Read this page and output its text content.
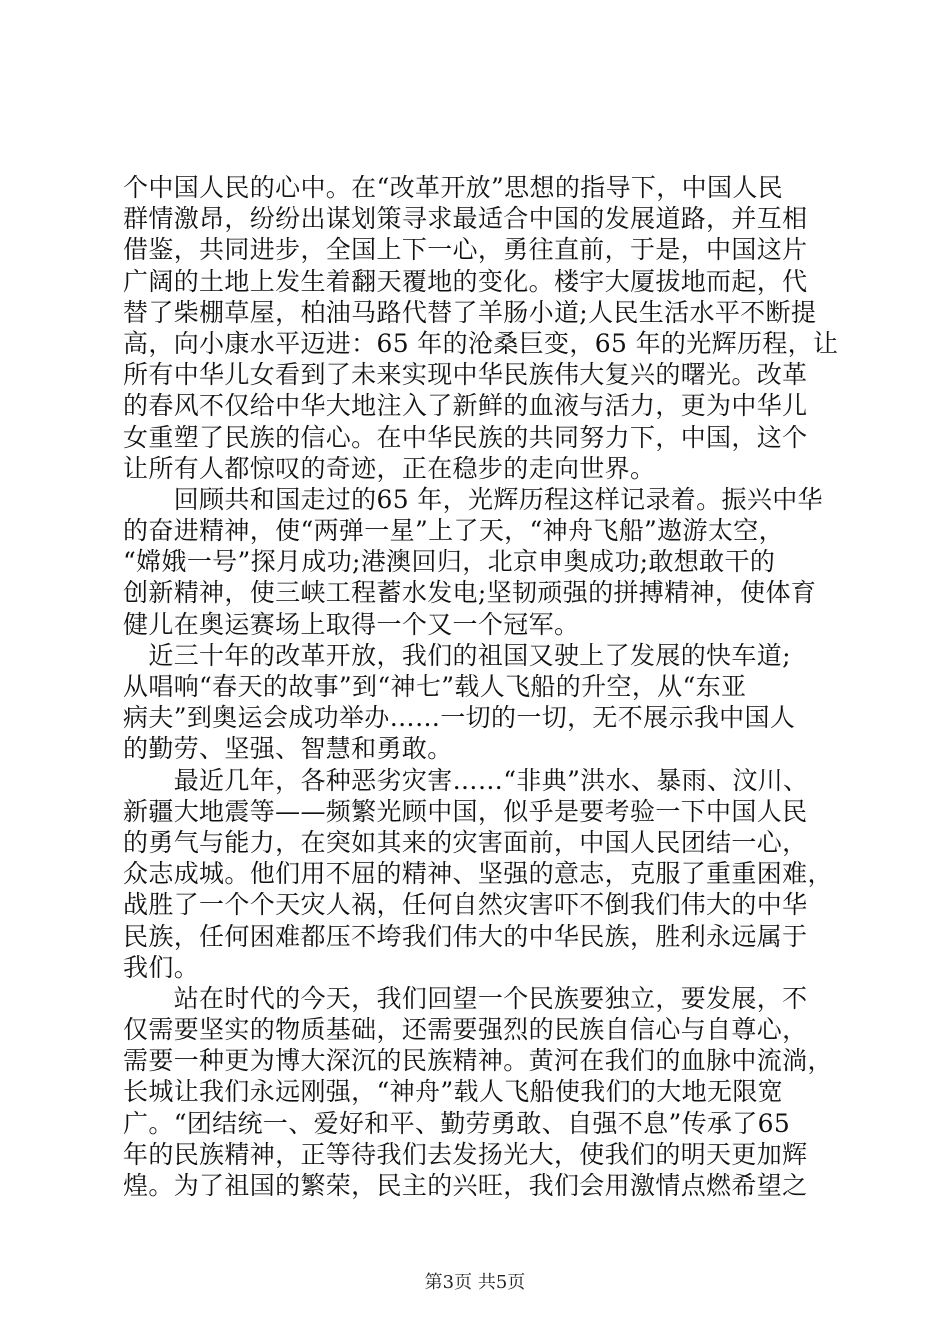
个中国人民的心中。在“改革开放”思想的指导下，中国人民
群情激昂，纷纷出谋划策寻求最适合中国的发展道路，并互相
借鉴，共同进步，全国上下一心，勇往直前，于是，中国这片
广阔的土地上发生着翻天覆地的变化。楼宇大厦拔地而起，代
替了柴棚草屋，柏油马路代替了羊肠小道;人民生活水平不断提
高，向小康水平迈进：65 年的沧桑巨变，65 年的光辉历程，让
所有中华儿女看到了未来实现中华民族伟大复兴的曙光。改革
的春风不仅给中华大地注入了新鲜的血液与活力，更为中华儿
女重塑了民族的信心。在中华民族的共同努力下，中国，这个
让所有人都惊叹的奇迹，正在稳步的走向世界。
　　回顾共和国走过的65 年，光辉历程这样记录着。振兴中华
的奋进精神，使“两弹一星”上了天，“神舟飞船”遨游太空，
“嫦娥一号”探月成功;港澳回归，北京申奥成功;敢想敢干的
创新精神，使三峡工程蓄水发电;坚韧顽强的拼搏精神，使体育
健儿在奥运赛场上取得一个又一个冠军。
　近三十年的改革开放，我们的祖国又驶上了发展的快车道;
从唱响“春天的故事”到“神七”载人飞船的升空，从“东亚
病夫”到奥运会成功举办……一切的一切，无不展示我中国人
的勤劳、坚强、智慧和勇敢。
　　最近几年，各种恶劣灾害……“非典”洪水、暴雨、汶川、
新疆大地震等——频繁光顾中国，似乎是要考验一下中国人民
的勇气与能力，在突如其来的灾害面前，中国人民团结一心，
众志成城。他们用不屈的精神、坚强的意志，克服了重重困难，
战胜了一个个天灾人祸，任何自然灾害吓不倒我们伟大的中华
民族，任何困难都压不垮我们伟大的中华民族，胜利永远属于
我们。
　　站在时代的今天，我们回望一个民族要独立，要发展，不
仅需要坚实的物质基础，还需要强烈的民族自信心与自尊心，
需要一种更为博大深沉的民族精神。黄河在我们的血脉中流淌，
长城让我们永远刚强，“神舟”载人飞船使我们的大地无限宽
广。“团结统一、爱好和平、勤劳勇敢、自强不息”传承了65
年的民族精神，正等待我们去发扬光大，使我们的明天更加辉
煌。为了祖国的繁荣，民主的兴旺，我们会用激情点燃希望之
第3页 共5页
